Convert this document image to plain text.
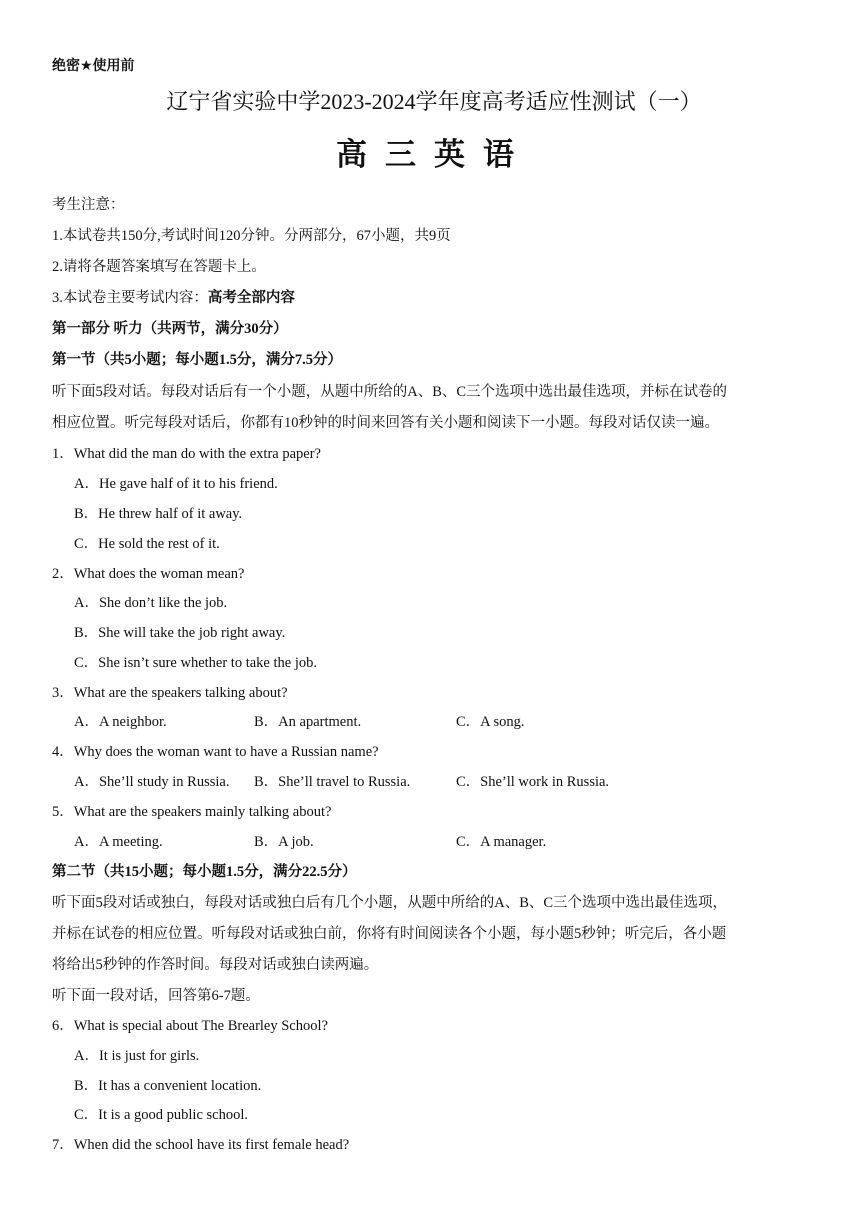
绝密★使用前
辽宁省实验中学2023-2024学年度高考适应性测试（一）
高三英语
考生注意：
1.本试卷共150分,考试时间120分钟。分两部分，67小题，共9页
2.请将各题答案填写在答题卡上。
3.本试卷主要考试内容：高考全部内容
第一部分 听力（共两节，满分30分）
第一节（共5小题；每小题1.5分，满分7.5分）
听下面5段对话。每段对话后有一个小题，从题中所给的A、B、C三个选项中选出最佳选项，并标在试卷的
相应位置。听完每段对话后，你都有10秒钟的时间来回答有关小题和阅读下一小题。每段对话仅读一遍。
1．What did the man do with the extra paper?
A．He gave half of it to his friend.
B．He threw half of it away.
C．He sold the rest of it.
2．What does the woman mean?
A．She don’t like the job.
B．She will take the job right away.
C．She isn’t sure whether to take the job.
3．What are the speakers talking about?
A．A neighbor.	B．An apartment.	C．A song.
4．Why does the woman want to have a Russian name?
A．She’ll study in Russia. B．She’ll travel to Russia.	C．She’ll work in Russia.
5．What are the speakers mainly talking about?
A．A meeting.	B．A job.	C．A manager.
第二节（共15小题；每小题1.5分，满分22.5分）
听下面5段对话或独白，每段对话或独白后有几个小题，从题中所给的A、B、C三个选项中选出最佳选项，
并标在试卷的相应位置。听每段对话或独白前，你将有时间阅读各个小题，每小题5秒钟；听完后，各小题
将给出5秒钟的作答时间。每段对话或独白读两遍。
听下面一段对话，回答第6-7题。
6．What is special about The Brearley School?
A．It is just for girls.
B．It has a convenient location.
C．It is a good public school.
7．When did the school have its first female head?
